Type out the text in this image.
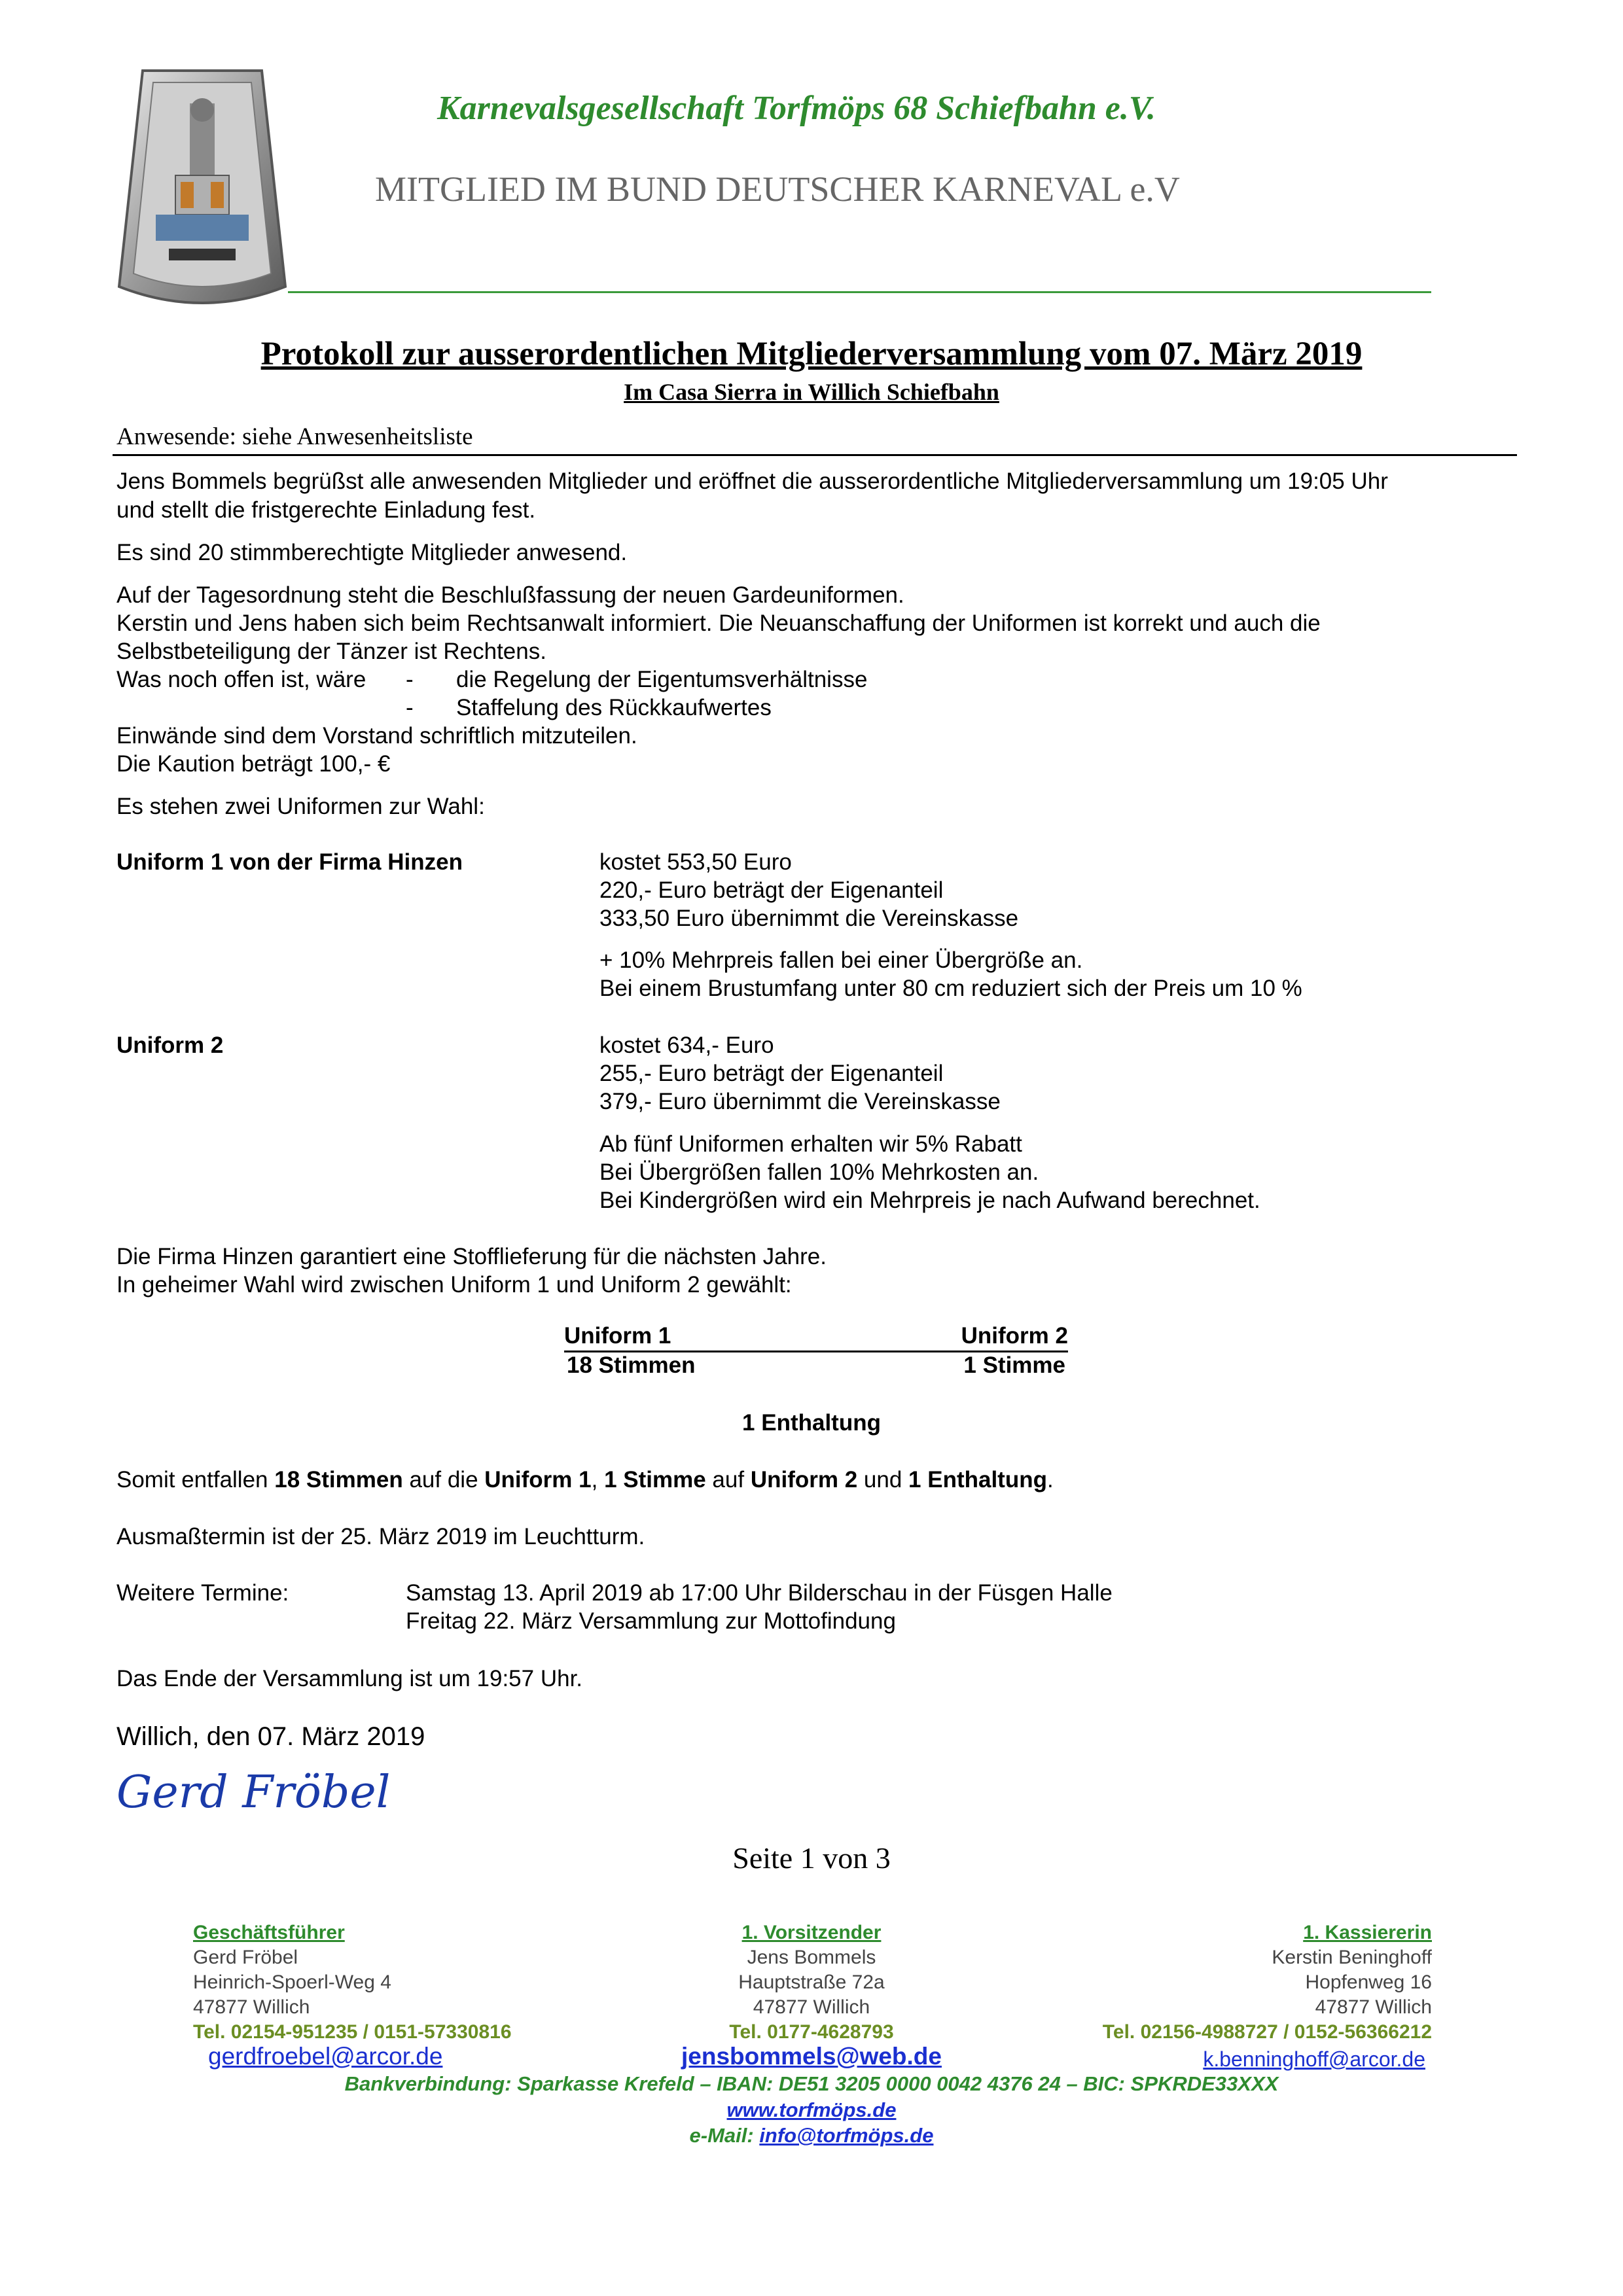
Karnevalsgesellschaft Torfmöps 68 Schiefbahn e.V.
MITGLIED IM BUND DEUTSCHER KARNEVAL e.V
Protokoll zur ausserordentlichen Mitgliederversammlung vom 07. März 2019
Im Casa Sierra in Willich Schiefbahn
Anwesende: siehe Anwesenheitsliste
Jens Bommels begrüßst alle anwesenden Mitglieder und eröffnet die ausserordentliche Mitgliederversammlung um 19:05 Uhr
und stellt die fristgerechte Einladung fest.
Es sind 20 stimmberechtigte Mitglieder anwesend.
Auf der Tagesordnung steht die Beschlußfassung der neuen Gardeuniformen.
Kerstin und Jens haben sich beim Rechtsanwalt informiert. Die Neuanschaffung der Uniformen ist korrekt und auch die
Selbstbeteiligung der Tänzer ist Rechtens.
Was noch offen ist, wäre - die Regelung der Eigentumsverhältnisse
- Staffelung des Rückkaufwertes
Einwände sind dem Vorstand schriftlich mitzuteilen.
Die Kaution beträgt 100,- €
Es stehen zwei Uniformen zur Wahl:
Uniform 1 von der Firma Hinzen	kostet 553,50 Euro
220,- Euro beträgt der Eigenanteil
333,50 Euro übernimmt die Vereinskasse
+ 10% Mehrpreis fallen bei einer Übergröße an.
Bei einem Brustumfang unter 80 cm reduziert sich der Preis um 10 %
Uniform 2	kostet 634,- Euro
255,- Euro beträgt der Eigenanteil
379,- Euro übernimmt die Vereinskasse
Ab fünf Uniformen erhalten wir 5% Rabatt
Bei Übergrößen fallen 10% Mehrkosten an.
Bei Kindergrößen wird ein Mehrpreis je nach Aufwand berechnet.
Die Firma Hinzen garantiert eine Stofflieferung für die nächsten Jahre.
In geheimer Wahl wird zwischen Uniform 1 und Uniform 2 gewählt:
Uniform 1	Uniform 2
18 Stimmen	1 Stimme
1 Enthaltung
Somit entfallen 18 Stimmen auf die Uniform 1, 1 Stimme auf Uniform 2 und 1 Enthaltung.
Ausmaßtermin ist der 25. März 2019 im Leuchtturm.
Weitere Termine:	Samstag 13. April 2019 ab 17:00 Uhr Bilderschau in der Füsgen Halle
Freitag 22. März Versammlung zur Mottofindung
Das Ende der Versammlung ist um 19:57 Uhr.
Willich, den 07. März 2019
Gerd Fröbel
Seite 1 von 3
Geschäftsführer
Gerd Fröbel
Heinrich-Spoerl-Weg 4
47877 Willich
Tel. 02154-951235 / 0151-57330816
gerdfroebel@arcor.de
1. Vorsitzender
Jens Bommels
Hauptstraße 72a
47877 Willich
Tel. 0177-4628793
jensbommels@web.de
1. Kassiererin
Kerstin Beninghoff
Hopfenweg 16
47877 Willich
Tel. 02156-4988727 / 0152-56366212
k.benninghoff@arcor.de
Bankverbindung: Sparkasse Krefeld – IBAN: DE51 3205 0000 0042 4376 24 – BIC: SPKRDE33XXX
www.torfmöps.de
e-Mail: info@torfmöps.de
